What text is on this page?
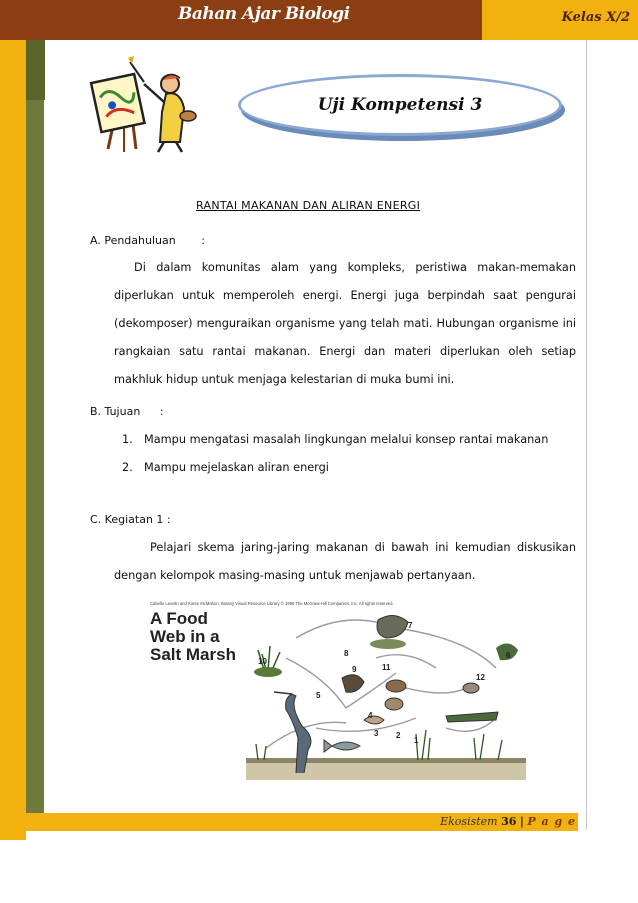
Bahan Ajar Biologi	Kelas X/2
Uji Kompetensi 3
RANTAI MAKANAN DAN ALIRAN ENERGI
A. Pendahuluan :
Di dalam komunitas alam yang kompleks, peristiwa makan-memakan diperlukan untuk memperoleh energi. Energi juga berpindah saat pengurai (dekomposer) menguraikan organisme yang telah mati. Hubungan organisme ini rangkaian satu rantai makanan. Energi dan materi diperlukan oleh setiap makhluk hidup untuk menjaga kelestarian di muka bumi ini.
B. Tujuan :
1. Mampu mengatasi masalah lingkungan melalui konsep rantai makanan
2. Mampu mejelaskan aliran energi
C. Kegiatan 1 :
Pelajari skema jaring-jaring makanan di bawah ini kemudian diskusikan dengan kelompok masing-masing untuk menjawab pertanyaan.
Cabelle Levelin and Karen McMahon, Botany Visual Resource Library © 1998 The McGraw-Hill Companies, Inc. All rights reserved.
A Food
Web in a
Salt Marsh
1
2
3
4
5
6
7
8
9
10
11
12
Ekosistem 36 | P a g e
